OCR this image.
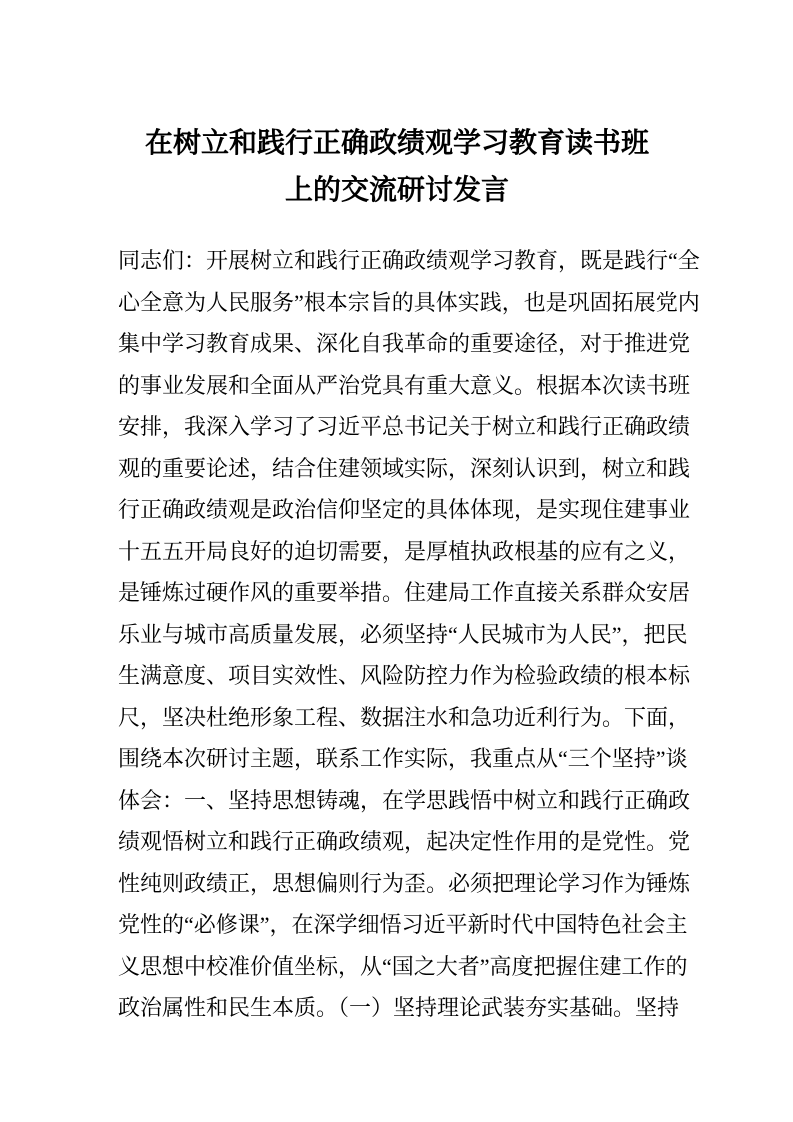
在树立和践行正确政绩观学习教育读书班
上的交流研讨发言
同志们：开展树立和践行正确政绩观学习教育，既是践行“全
心全意为人民服务”根本宗旨的具体实践，也是巩固拓展党内
集中学习教育成果、深化自我革命的重要途径，对于推进党
的事业发展和全面从严治党具有重大意义。根据本次读书班
安排，我深入学习了习近平总书记关于树立和践行正确政绩
观的重要论述，结合住建领域实际，深刻认识到，树立和践
行正确政绩观是政治信仰坚定的具体体现，是实现住建事业
十五五开局良好的迫切需要，是厚植执政根基的应有之义，
是锤炼过硬作风的重要举措。住建局工作直接关系群众安居
乐业与城市高质量发展，必须坚持“人民城市为人民”，把民
生满意度、项目实效性、风险防控力作为检验政绩的根本标
尺，坚决杜绝形象工程、数据注水和急功近利行为。下面，
围绕本次研讨主题，联系工作实际，我重点从“三个坚持”谈
体会：一、坚持思想铸魂，在学思践悟中树立和践行正确政
绩观悟树立和践行正确政绩观，起决定性作用的是党性。党
性纯则政绩正，思想偏则行为歪。必须把理论学习作为锤炼
党性的“必修课”，在深学细悟习近平新时代中国特色社会主
义思想中校准价值坐标，从“国之大者”高度把握住建工作的
政治属性和民生本质。（一）坚持理论武装夯实基础。坚持
